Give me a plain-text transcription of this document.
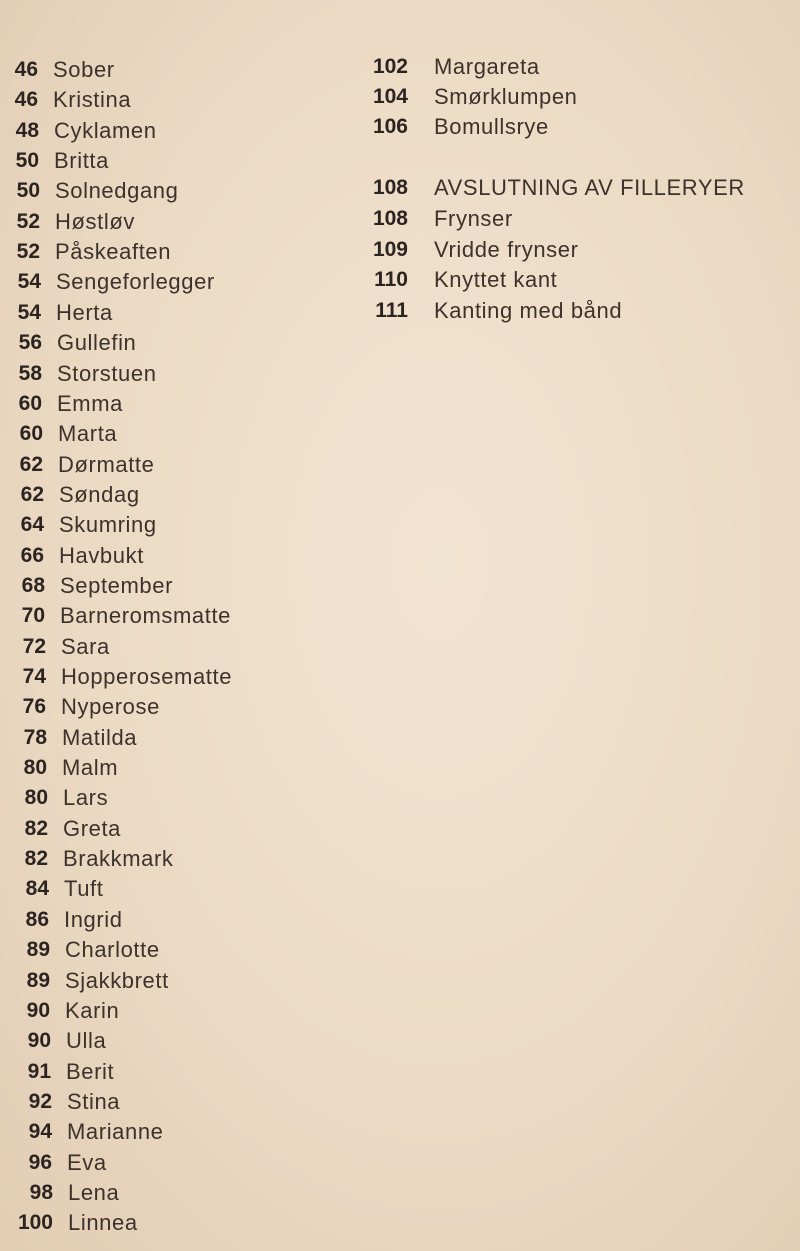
46 Sober
46 Kristina
48 Cyklamen
50 Britta
50 Solnedgang
52 Høstløv
52 Påskeaften
54 Sengeforlegger
54 Herta
56 Gullefin
58 Storstuen
60 Emma
60 Marta
62 Dørmatte
62 Søndag
64 Skumring
66 Havbukt
68 September
70 Barneromsmatte
72 Sara
74 Hopperosematte
76 Nyperose
78 Matilda
80 Malm
80 Lars
82 Greta
82 Brakkmark
84 Tuft
86 Ingrid
89 Charlotte
89 Sjakkbrett
90 Karin
90 Ulla
91 Berit
92 Stina
94 Marianne
96 Eva
98 Lena
100 Linnea
102 Margareta
104 Smørklumpen
106 Bomullsrye
108 AVSLUTNING AV FILLERYER
108 Frynser
109 Vridde frynser
110 Knyttet kant
111 Kanting med bånd
